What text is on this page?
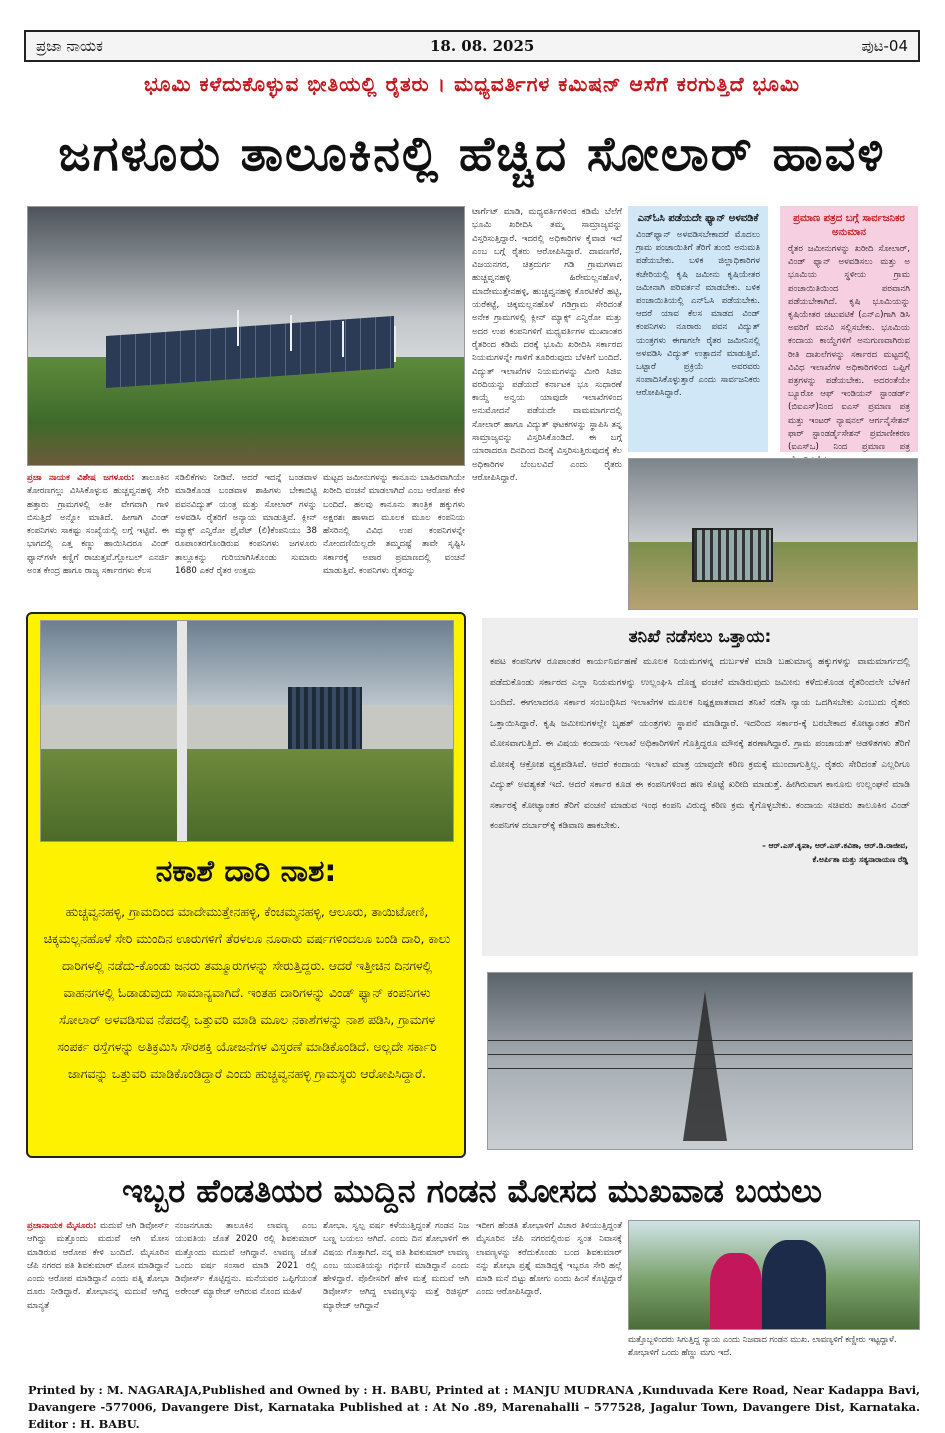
ಪ್ರಜಾ ನಾಯಕ	18. 08. 2025	ಪುಟ-04
ಭೂಮಿ ಕಳೆದುಕೊಳ್ಳುವ ಭೀತಿಯಲ್ಲಿ ರೈತರು । ಮಧ್ಯವರ್ತಿಗಳ ಕಮಿಷನ್ ಆಸೆಗೆ ಕರಗುತ್ತಿದೆ ಭೂಮಿ
ಜಗಳೂರು ತಾಲೂಕಿನಲ್ಲಿ ಹೆಚ್ಚಿದ ಸೋಲಾರ್ ಹಾವಳಿ
ಪ್ರಜಾ ನಾಯಕ ವಿಶೇಷ ಜಗಳೂರು: ತಾಲೂಕಿನ ತೋರಣಗಲ್ಲು ವಿಸಿಸಿಕೊಳ್ಳುವ ಹುಚ್ಚವ್ವನಹಳ್ಳಿ ಸೇರಿ ಹತ್ತಾರು ಗ್ರಾಮಗಳಲ್ಲಿ ಅತೀ ವೇಗವಾಗಿ ಗಾಳಿ ಬಿಸುತ್ತಿದೆ ಅನ್ನೋ ಮಾತಿದೆ. ಹೀಗಾಗಿ ವಿಂಡ್ ಕಂಪನಿಗಳು ಸಾಕಷ್ಟು ಸಂಖ್ಯೆಯಲ್ಲಿ ಲಗ್ಗೆ ಇಟ್ಟಿವೆ. ಈ ಭಾಗದಲ್ಲಿ ಎತ್ತ ಕಣ್ಣು ಹಾಯಿಸಿದರೂ ವಿಂಡ್ ಫ್ಯಾನ್‌ಗಳೇ ಕಣ್ಣಿಗೆ ರಾಚುತ್ತವೆ.ಗ್ಲೋಬಲ್ ಎನರ್ಜಿ ಅಂತ ಕೇಂದ್ರ ಹಾಗೂ ರಾಜ್ಯ ಸರ್ಕಾರಗಳು ಕೆಲಸ
ಸಡಿಲಿಕೆಗಳು ನೀಡಿವೆ. ಆದರೆ ಇದನ್ನೆ ಬಂಡವಾಳ ಮಾಡಿಕೊಂಡ ಬಂಡವಾಳ ಶಾಹಿಗಳು ಬೇಕಾಬಿಟ್ಟಿ ಪವನವಿದ್ಯುತ್ ಯಂತ್ರ ಮತ್ತು ಸೋಲಾರ್ ಗಳನ್ನು ಅಳವಡಿಸಿ ರೈತರಿಗೆ ಅನ್ಯಾಯ ಮಾಡುತ್ತಿವೆ. ಕ್ಲೀನ್ ಮ್ಯಾಕ್ಸ್ ಎನ್ವಿರೋ ಪ್ರೈವೆಟ್ (ಲಿ)ಕೆಂಪನಿಯು 38 ರೂಪಾಂತರಗೊಂಡಿರುವ ಕಂಪನಿಗಳು ಜಗಳೂರು ತಾಲ್ಲೂಕನ್ನು ಗುರಿಯಾಗಿಸಿಕೊಂಡು ಸುಮಾರು 1680 ಎಕರೆ ರೈತರ ಉತ್ತಮ
ಮಟ್ಟದ ಜಮೀನುಗಳನ್ನು ಕಾನೂನು ಬಾಹಿರವಾಗಿಯೇ ಖರೀದಿ ವಂಚನೆ ಮಾಡಲಾಗಿದೆ ಎಂಬ ಆರೋಪ ಕೇಳಿ ಬಂದಿದೆ. ಹಲವು ಕಾನೂನು ತಾಂತ್ರಿಕ ಹಕ್ಕುಗಳು ಅಕ್ಷರಶಃ ಹಾಳಾದ ಮೂಲಕ ಮೂಲ ಕಂಪನಿಯ ಹೆಸರಿನಲ್ಲಿ ವಿವಿಧ ಉಪ ಕಂಪನಿಗಳನ್ನೇ ನೋಂದಣಿಯಿಲ್ಲದೇ ತಮ್ಮದಷ್ಟೆ ತಾವೇ ಸೃಷ್ಟಿಸಿ ಸರ್ಕಾರಕ್ಕೆ ಅಪಾರ ಪ್ರಮಾಣದಲ್ಲಿ ವಂಚನೆ ಮಾಡುತ್ತಿವೆ. ಕಂಪನಿಗಳು ರೈತರನ್ನು
ಟಾರ್ಗೆಟ್ ಮಾಡಿ, ಮಧ್ಯವರ್ತಿಗಳಿಂದ ಕಡಿಮೆ ಬೆಲೆಗೆ ಭೂಮಿ ಖರೀದಿಸಿ ತಮ್ಮ ಸಾಮ್ರಾಜ್ಯವನ್ನು ವಿಸ್ತರಿಸುತ್ತಿದ್ದಾರೆ. ಇದರಲ್ಲಿ ಅಧಿಕಾರಿಗಳ ಕೈವಾಡ ಇದೆ ಎಂಬ ಬಗ್ಗೆ ರೈತರು ಆರೋಪಿಸಿದ್ದಾರೆ. ದಾವಣಗೆರೆ, ವಿಜಯನಗರ, ಚಿತ್ರದುರ್ಗ ಗಡಿ ಗ್ರಾಮಗಳಾದ ಹುಚ್ಚವ್ವನಹಳ್ಳಿ ಹಿರೇಮಲ್ಲನಹೊಳೆ, ಮಾದೇಮುತ್ತೇನಹಳ್ಳಿ, ಹುಚ್ಚವ್ವನಹಳ್ಳಿ ಕೊರಟಿಕೆರೆ ಹಟ್ಟಿ, ಯರೆಕಟ್ಟೆ, ಚಿಕ್ಕಮಲ್ಲನಹೊಳೆ ಗಡಿಗ್ರಾಮ ಸೇರಿದಂತೆ ಅನೇಕ ಗ್ರಾಮಗಳಲ್ಲಿ ಕ್ಲೀನ್ ಮ್ಯಾಕ್ಸ್ ಎನ್ವಿರೋ ಮತ್ತು ಅದರ ಉಪ ಕಂಪನಿಗಳಿಗೆ ಮಧ್ಯವರ್ತಿಗಳ ಮುಖಾಂತರ ರೈತರಿಂದ ಕಡಿಮೆ ದರಕ್ಕೆ ಭೂಮಿ ಖರೀದಿಸಿ ಸರ್ಕಾರದ ನಿಯಮಗಳನ್ನೇ ಗಾಳಿಗೆ ತೂರಿರುವುದು ಬೆಳಕಿಗೆ ಬಂದಿದೆ. ವಿದ್ಯುತ್ ಇಲಾಖೆಗಳ ನಿಯಮಗಳನ್ನು ಮೀರಿ ಸಿಜಿಐ ವರದಿಯನ್ನು ಪಡೆಯದೆ ಕರ್ನಾಟಕ ಭೂ ಸುಧಾರಣೆ ಕಾಯ್ದೆ ಅನ್ವಯ ಯಾವುದೇ ಇಲಾಖೆಗಳಿಂದ ಅನುಮೋದನೆ ಪಡೆಯದೇ ವಾಮಮಾರ್ಗದಲ್ಲಿ ಸೋಲಾರ್ ಹಾಗೂ ವಿದ್ಯುತ್ ಘಟಕಗಳನ್ನು ಸ್ಥಾಪಿಸಿ ತನ್ನ ಸಾಮ್ರಾಜ್ಯವನ್ನು ವಿಸ್ತರಿಸಿಕೊಂಡಿದೆ. ಈ ಬಗ್ಗೆ ಯಾರಾದರೂ ದಿನದಿಂದ ದಿನಕ್ಕೆ ವಿಸ್ತರಿಸುತ್ತಿರುವುದಕ್ಕೆ ಕೆಲ ಅಧಿಕಾರಿಗಳ ಬೆಂಬಲವಿದೆ ಎಂದು ರೈತರು ಆರೋಪಿಸಿದ್ದಾರೆ.
ಎನ್‌ಓಸಿ ಪಡೆಯದೇ ಫ್ಯಾನ್ ಅಳವಡಿಕೆ
ವಿಂಡ್‌ಫ್ಯಾನ್ ಅಳವಡಿಸಬೇಕಾದರೆ ಮೊದಲು ಗ್ರಾಮ ಪಂಚಾಯಿತಿಗೆ ತೆರಿಗೆ ತುಂಬಿ ಅನುಮತಿ ಪಡೆಯಬೇಕು. ಬಳಿಕ ಜಿಲ್ಲಾಧಿಕಾರಿಗಳ ಕಚೇರಿಯಲ್ಲಿ ಕೃಷಿ ಜಮೀನು ಕೃಷಿಯೇತರ ಜಮೀನಾಗಿ ಪರಿವರ್ತನೆ ಮಾಡಬೇಕು. ಬಳಿಕ ಪಂಚಾಯಿತಿಯಲ್ಲಿ ಎನ್‌ಓಸಿ ಪಡೆಯಬೇಕು. ಆದರೆ ಯಾವ ಕೆಲಸ ಮಾಡದ ವಿಂಡ್ ಕಂಪನಿಗಳು ನೂರಾರು ಪವನ ವಿದ್ಯುತ್ ಯಂತ್ರಗಳು ಈಗಾಗಲೇ ರೈತರ ಜಮೀನಿನಲ್ಲಿ ಅಳವಡಿಸಿ ವಿದ್ಯುತ್ ಉತ್ಪಾದನೆ ಮಾಡುತ್ತಿವೆ. ಒಟ್ಟಾರೆ ಪ್ರಕ್ರಿಯೆ ಅವರವರು ಸಂಪಾದಿಸಿಕೊಳ್ಳುತ್ತಾರೆ ಎಂದು ಸಾರ್ವಜನಿಕರು ಆರೋಪಿಸಿದ್ದಾರೆ.
ಪ್ರಮಾಣ ಪತ್ರದ ಬಗ್ಗೆ ಸಾರ್ವಜನಿಕರ ಅನುಮಾನ
ರೈತರ ಜಮೀನುಗಳನ್ನು ಖರೀದಿ ಸೋಲಾರ್, ವಿಂಡ್ ಫ್ಯಾನ್ ಅಳವಡಿಸಲು ಮತ್ತು ಅ ಭೂಮಿಯ ಸ್ಥಳೀಯ ಗ್ರಾಮ ಪಂಚಾಯಿತಿಯಿಂದ ಪರವಾನಗಿ ಪಡೆಯಬೇಕಾಗಿದೆ. ಕೃಷಿ ಭೂಮಿಯನ್ನು ಕೃಷಿಯೇತರ ಚಟುವಟಿಕೆ (ಎನ್‌ಎ)ಗಾಗಿ ಡಿಸಿ ಅವರಿಗೆ ಮನವಿ ಸಲ್ಲಿಸಬೇಕು. ಭೂಮಿಯ ಕಂದಾಯ ಕಾಯ್ದೆಗಳಿಗೆ ಅನುಗುಣವಾಗಿರುವ ರೀತಿ ದಾಖಲೆಗಳನ್ನು ಸರ್ಕಾರದ ಮಟ್ಟದಲ್ಲಿ ವಿವಿಧ ಇಲಾಖೆಗಳ ಅಧಿಕಾರಿಗಳಿಂದ ಒಪ್ಪಿಗೆ ಪತ್ರಗಳನ್ನು ಪಡೆಯಬೇಕು. ಅದರಂತೆಯೇ ಬ್ಯೂರೋ ಆಫ್ ಇಂಡಿಯನ್ ಸ್ಟಾಂಡರ್ಡ್ (ಬಿಐಎಸ್)ನಿಂದ ಐಎಸ್ ಪ್ರಮಾಣ ಪತ್ರ ಮತ್ತು ಇಂಟರ್ ನ್ಯಾಷನಲ್ ಆರ್ಗನೈಸೇಶನ್ ಫಾರ್ ಸ್ಟಾಂಡರ್ಡೈಸೇಶನ್ ಪ್ರಮಾಣೀಕರಣ (ಐಎಸ್‌ಒ) ನಿಂದ ಪ್ರಮಾಣ ಪತ್ರ
ನಕಾಶೆ ದಾರಿ ನಾಶ:
ಹುಚ್ಚವ್ವನಹಳ್ಳಿ, ಗ್ರಾಮದಿಂದ ಮಾದೇಮುತ್ತೇನಹಳ್ಳಿ, ಕೆಂಚಮ್ಮನಹಳ್ಳಿ, ಆಲೂರು, ತಾಯಿಟೋಣಿ, ಚಿಕ್ಕಮಲ್ಲನಹೊಳೆ ಸೇರಿ ಮುಂದಿನ ಊರುಗಳಿಗೆ ತೆರಳಲೂ ನೂರಾರು ವರ್ಷಗಳಿಂದಲೂ ಬಂಡಿ ದಾರಿ, ಕಾಲು ದಾರಿಗಳಲ್ಲಿ ನಡೆದು-ಕೊಂಡು ಜನರು ತಮ್ಮೂರುಗಳನ್ನು ಸೇರುತ್ತಿದ್ದರು. ಆದರೆ ಇತ್ತೀಚಿನ ದಿನಗಳಲ್ಲಿ ವಾಹನಗಳಲ್ಲಿ ಓಡಾಡುವುದು ಸಾಮಾನ್ಯವಾಗಿದೆ. ಇಂತಹ ದಾರಿಗಳನ್ನು ವಿಂಡ್ ಫ್ಯಾನ್ ಕಂಪನಿಗಳು ಸೋಲಾರ್ ಅಳವಡಿಸುವ ನೆಪದಲ್ಲಿ ಒತ್ತುವರಿ ಮಾಡಿ ಮೂಲ ನಕಾಶೆಗಳನ್ನು ನಾಶ ಪಡಿಸಿ, ಗ್ರಾಮಗಳ ಸಂಪರ್ಕ ರಸ್ತೆಗಳನ್ನು ಅತಿಕ್ರಮಿಸಿ ಸೌರಶಕ್ತಿ ಯೋಜನೆಗಳ ವಿಸ್ತರಣೆ ಮಾಡಿಕೊಂಡಿದೆ. ಅಲ್ಲದೇ ಸರ್ಕಾರಿ ಜಾಗವನ್ನು ಒತ್ತುವರಿ ಮಾಡಿಕೊಂಡಿದ್ದಾರೆ ಎಂದು ಹುಚ್ಚವ್ವನಹಳ್ಳಿ ಗ್ರಾಮಸ್ಥರು ಆರೋಪಿಸಿದ್ದಾರೆ.
ತನಿಖೆ ನಡೆಸಲು ಒತ್ತಾಯ:
ಕಪಟ ಕಂಪನಿಗಳ ರೂಪಾಂತರ ಕಾರ್ಯನಿರ್ವಹಣೆ ಮೂಲಕ ನಿಯಮಗಳನ್ನ ದುರ್ಬಳಕೆ ಮಾಡಿ ಬಹುಮಾನ್ಯ ಹಕ್ಕುಗಳನ್ನು ವಾಮಮಾರ್ಗದಲ್ಲಿ ಪಡೆದುಕೊಂಡು ಸರ್ಕಾರದ ಎಲ್ಲಾ ನಿಯಮಗಳನ್ನು ಉಲ್ಲಂಘಿಸಿ ದೊಡ್ಡ ವಂಚನೆ ಮಾಡಿರುವುದು ಜಮೀನು ಕಳೆದುಕೊಂಡ ರೈತರಿಂದಲೇ ಬೆಳಕಿಗೆ ಬಂದಿದೆ. ಈಗಲಾದರೂ ಸರ್ಕಾರ ಸಂಬಂಧಿಸಿದ ಇಲಾಖೆಗಳ ಮೂಲಕ ನಿಷ್ಪಕ್ಷಪಾತವಾದ ತನಿಖೆ ನಡೆಸಿ ನ್ಯಾಯ ಒದಗಿಸಬೇಕು ಎಂಬುದು ರೈತರು ಒತ್ತಾಯಿಸಿದ್ದಾರೆ. ಕೃಷಿ ಜಮೀನುಗಳಲ್ಲೇ ಬೃಹತ್ ಯಂತ್ರಗಳು ಸ್ಥಾಪನೆ ಮಾಡಿದ್ದಾರೆ. ಇದರಿಂದ ಸರ್ಕಾರ-ಕ್ಕೆ ಬರಬೇಕಾದ ಕೋಟ್ಯಾಂತರ ತೆರಿಗೆ ಮೋಸವಾಗುತ್ತಿದೆ. ಈ ವಿಷಯ ಕಂದಾಯ ಇಲಾಖೆ ಅಧಿಕಾರಿಗಳಿಗೆ ಗೊತ್ತಿದ್ದರೂ ಮೌನಕ್ಕೆ ಶರಣಾಗಿದ್ದಾರೆ. ಗ್ರಾಮ ಪಂಚಾಯತ್ ಆಡಳಿತಗಳು ತೆರಿಗೆ ಮೋಸಕ್ಕೆ ಆಕ್ರೋಶ ವ್ಯಕ್ತಪಡಿಸಿವೆ. ಆದರೆ ಕಂದಾಯ ಇಲಾಖೆ ಮಾತ್ರ ಯಾವುದೇ ಕಠಿಣ ಕ್ರಮಕ್ಕೆ ಮುಂದಾಗುತ್ತಿಲ್ಲ. ರೈತರು ಸೇರಿದಂತೆ ಎಲ್ಲರಿಗೂ ವಿದ್ಯುತ್ ಅವಶ್ಯಕತೆ ಇದೆ. ಆದರೆ ಸರ್ಕಾರ ಕೂಡ ಈ ಕಂಪನಿಗಳಿಂದ ಹಣ ಕೊಟ್ಟೆ ಖರೀದಿ ಮಾಡುತ್ತೆ. ಹೀಗಿರುವಾಗ ಕಾನೂನು ಉಲ್ಲಂಘನೆ ಮಾಡಿ ಸರ್ಕಾರಕ್ಕೆ ಕೋಟ್ಯಾಂತರ ತೆರಿಗೆ ವಂಚನೆ ಮಾಡುವ ಇಂಥ ಕಂಪನಿ ವಿರುದ್ಧ ಕಠಿಣ ಕ್ರಮ ಕೈಗೊಳ್ಳಬೇಕು. ಕಂದಾಯ ಸಚಿವರು ತಾಲೂಕಿನ ವಿಂಡ್ ಕಂಪನಿಗಳ ದರ್ಬಾರ್‌ಕ್ಕೆ ಕಡಿವಾಣ ಹಾಕಬೇಕು.
– ಆರ್.ಎಸ್.ಕೃಪಾ, ಆರ್.ಎಸ್.ಕವಿತಾ, ಆರ್.ಡಿ.ರಾಜೀವ,
ಕೆ.ಅರ್ಪಿತಾ ಮತ್ತು ಸತ್ಯನಾರಾಯಣ ರೆಡ್ಡಿ
ಇಬ್ಬರ ಹೆಂಡತಿಯರ ಮುದ್ದಿನ ಗಂಡನ ಮೋಸದ ಮುಖವಾಡ ಬಯಲು
ಪ್ರಜಾನಾಯಕ ಮೈಸೂರು: ಮದುವೆ ಆಗಿ ಡಿವೋರ್ಸ್ ಆಗಿದ್ದು ಮತ್ತೊಂದು ಮದುವೆ ಆಗಿ ಮೋಸ ಮಾಡಿರುವ ಆರೋಪ ಕೇಳಿ ಬಂದಿದೆ. ಮೈಸೂರಿನ ಜೆಪಿ ನಗರದ ಪತಿ ಶಿವಕುಮಾರ್ ಮೋಸ ಮಾಡಿದ್ದಾನೆ ಎಂದು ಆರೋಪ ಮಾಡಿದ್ದಾನೆ ಎಂದು ಪತ್ನಿ ಶೋಭಾ ದೂರು ನೀಡಿದ್ದಾರೆ. ಶೋಭಾನನ್ನ ಮದುವೆ ಆಗಿದ್ದ ಮಾನ್ಯತೆ
ನಂಜನಗೂಡು ತಾಲೂಕಿನ ಲಾವಣ್ಯ ಎಂಬ ಯುವತಿಯ ಜೊತೆ 2020 ರಲ್ಲಿ ಶಿವಕುಮಾರ್ ಮತ್ತೊಂದು ಮದುವೆ ಆಗಿದ್ದಾನೆ. ಲಾವಣ್ಯ ಜೊತೆ ಒಂದು ವರ್ಷ ಸಂಸಾರ ಮಾಡಿ 2021 ರಲ್ಲಿ ಡಿವೋರ್ಸ್ ಕೊಟ್ಟಿದ್ದನು. ಮನೆಯವರ ಒಪ್ಪಿಗೆಯಂತೆ ಅರೇಂಜ್ ಮ್ಯಾರೇಜ್ ಆಗಿರುವ ನೊಂದ ಮಹಿಳೆ
ಶೋಭಾ. ಸ್ವಲ್ಪ ವರ್ಷ ಕಳೆಯುತ್ತಿದ್ದಂತೆ ಗಂಡನ ನಿಜ ಬಣ್ಣ ಬಯಲು ಆಗಿದೆ. ಎಂದು ದಿನ ಶೋಭಾಳಿಗೆ ಈ ವಿಷಯ ಗೊತ್ತಾಗಿದೆ. ನನ್ನ ಪತಿ ಶಿವಕುಮಾರ್ ಲಾವಣ್ಯ ಎಂಬ ಯುವತಿಯನ್ನು ಗರ್ಭಿಣಿ ಮಾಡಿದ್ದಾನೆ ಎಂದು ಹೇಳಿದ್ದಾರೆ. ಪೊಲೀಸರಿಗೆ ಹೇಳಿ ಮತ್ತೆ ಮದುವೆ ಆಗಿ ಡಿವೋರ್ಸ್ ಆಗಿದ್ದ ಲಾವಣ್ಯಳನ್ನು ಮತ್ತೆ ರಿಜಿಸ್ಟರ್ ಮ್ಯಾರೇಜ್ ಆಗಿದ್ದಾನೆ
ಇದೀಗ ಹೆಂಡತಿ ಶೋಭಾಳಿಗೆ ವಿಚಾರ ತಿಳಿಯುತ್ತಿದ್ದಂತೆ ಮೈಸೂರಿನ ಜೆಪಿ ನಗರದಲ್ಲಿರುವ ಸ್ವಂತ ನಿವಾಸಕ್ಕೆ ಲಾವಣ್ಯಳನ್ನು ಕರೆದುಕೊಂಡು ಬಂದ ಶಿವಕುಮಾರ್ ನನ್ನು ಶೋಭಾ ಪ್ರಶ್ನೆ ಮಾಡಿದ್ದಕ್ಕೆ ಇಬ್ಬರೂ ಸೇರಿ ಹಲ್ಲೆ ಮಾಡಿ ಮನೆ ಬಿಟ್ಟು ಹೋಗು ಎಂದು ಹಿಂಸೆ ಕೊಟ್ಟಿದ್ದಾರೆ ಎಂದು ಆರೋಪಿಸಿದ್ದಾರೆ.
ಮತ್ತೊಬ್ಬಳಿಂದರು ಸಿಗುತ್ತಿದ್ದ ನ್ಯಾಯ ಎಂದು ನಿಜವಾದ ಗಂಡನ ಮುಖ. ಲಾವಣ್ಯಳಿಗೆ ಕಣ್ಣೀರು ಇಟ್ಟದ್ದಾಳೆ. ಶೋಭಾಳಿಗೆ ಒಂದು ಹೆಣ್ಣು ಮಗು ಇದೆ.
Printed by : M. NAGARAJA,Published and Owned by : H. BABU, Printed at : MANJU MUDRANA ,Kunduvada Kere Road, Near Kadappa Bavi, Davangere -577006, Davangere Dist, Karnataka Published at : At No .89, Marenahalli – 577528, Jagalur Town, Davangere Dist, Karnataka. Editor : H. BABU.
